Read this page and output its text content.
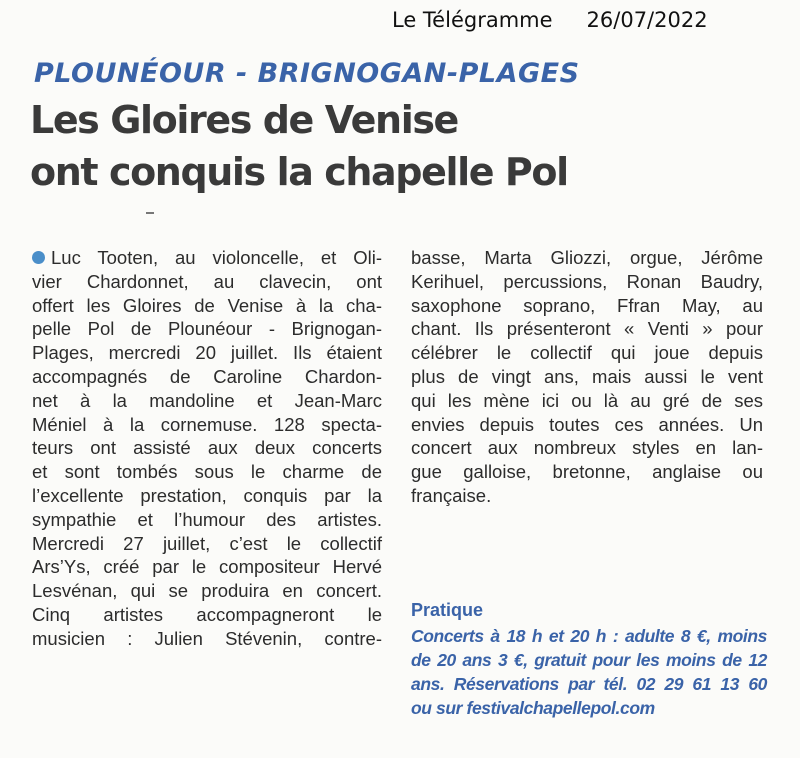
Le Télégramme 26/07/2022
PLOUNÉOUR - BRIGNOGAN-PLAGES
Les Gloires de Venise
ont conquis la chapelle Pol
Luc Tooten, au violoncelle, et Oli-
vier Chardonnet, au clavecin, ont
offert les Gloires de Venise à la cha-
pelle Pol de Plounéour - Brignogan-
Plages, mercredi 20 juillet. Ils étaient
accompagnés de Caroline Chardon-
net à la mandoline et Jean-Marc
Méniel à la cornemuse. 128 specta-
teurs ont assisté aux deux concerts
et sont tombés sous le charme de
l’excellente prestation, conquis par la
sympathie et l’humour des artistes.
Mercredi 27 juillet, c’est le collectif
Ars’Ys, créé par le compositeur Hervé
Lesvénan, qui se produira en concert.
Cinq artistes accompagneront le
musicien : Julien Stévenin, contre-
basse, Marta Gliozzi, orgue, Jérôme
Kerihuel, percussions, Ronan Baudry,
saxophone soprano, Ffran May, au
chant. Ils présenteront « Venti » pour
célébrer le collectif qui joue depuis
plus de vingt ans, mais aussi le vent
qui les mène ici ou là au gré de ses
envies depuis toutes ces années. Un
concert aux nombreux styles en lan-
gue galloise, bretonne, anglaise ou
française.
Pratique
Concerts à 18 h et 20 h : adulte 8 €, moins
de 20 ans 3 €, gratuit pour les moins de 12
ans. Réservations par tél. 02 29 61 13 60
ou sur festivalchapellepol.com
